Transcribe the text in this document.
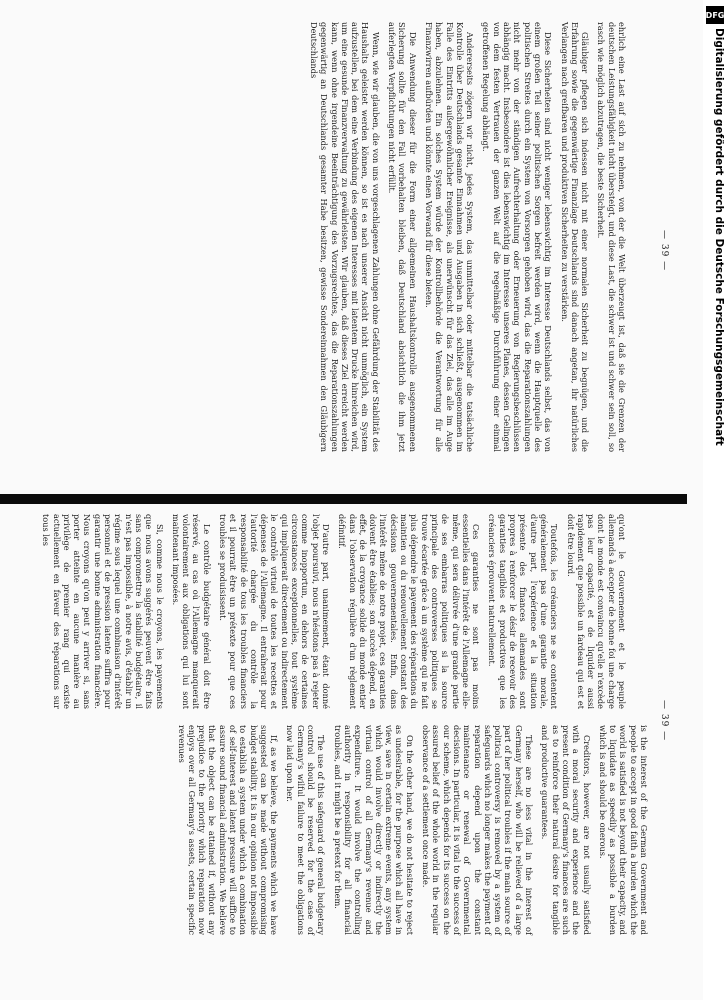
— 39 —

ehrlich eine Last auf sich zu nehmen, von der die Welt überzeugt ist, daß sie die Grenzen der deutschen Leistungsfähigkeit nicht übersteigt, und diese Last, die schwer ist und schwer sein soll, so rasch wie möglich abzutragen, die beste Sicherheit.

Gläubiger pflegen sich indessen nicht mit einer normalen Sicherheit zu begnügen, und die Erfahrung sowie die gegenwärtige Finanzlage Deutschlands sind danach angetan, ihr natürliches Verlangen nach greifbaren und produktiven Sicherheiten zu verstärken.

Diese Sicherheiten sind nicht weniger lebenswichtig im Interesse Deutschlands selbst, das von einem großen Teil seiner politischen Sorgen befreit werden wird, wenn die Hauptquelle des politischen Streites durch ein System von Vorsorgen gehoben wird, das die Reparationszahlungen nicht mehr von der ständigen Aufrechterhaltung oder Erneuerung von Regierungsbeschlüssen abhängig macht. Insbesondere ist dies lebenswichtig im Interesse unseres Planes, dessen Gelingen von dem festen Vertrauen der ganzen Welt auf die regelmäßige Durchführung einer einmal getroffenen Regelung abhängt.

Andererseits zögern wir nicht, jedes System, das unmittelbar oder mittelbar die tatsächliche Kontrolle über Deutschlands gesamte Einnahmen und Ausgaben in sich schließt, ausgenommen im Falle des Eintritts außergewöhnlicher Ereignisse, als unerwünscht für das Ziel, das alle im Auge haben, abzulehnen. Ein solches System würde der Kontrollbehörde die Verantwortung für alle Finanzwirren aufbürden und könnte einen Vorwand für diese bieten.

Die Anwendung dieser für die Form einer allgemeinen Haushaltskontrolle ausgenommenen Sicherung sollte für den Fall vorbehalten bleiben, daß Deutschland absichtlich die ihm jetzt auferlegten Verpflichtungen nicht erfüllt.

Wenn, wie wir glauben, die von uns vorgeschlagenen Zahlungen ohne Gefährdung der Stabilität des Haushalts geleistet werden können, so ist es nach unserer Ansicht nicht unmöglich, ein System aufzustellen, bei dem eine Verbindung des eigenen Interesses mit latentem Drucke hinreichen wird, um eine gesunde Finanzverwaltung zu gewährleisten. Wir glauben, daß dieses Ziel erreicht werden kann, wenn ohne irgendeine Beeinträchtigung des Vorzugsrechtes, das die Reparationszahlungen gegenwärtig an Deutschlands gesamter Habe besitzen, gewisse Sondereinnahmen den Gläubigern Deutschlands

— 39 —

is the interest of the German Government and people to accept in good faith a burden which the world is satisfied is not beyond their capacity, and to liquidate as speedily as possible a burden which is and should be onerous.

Creditors, however, are not usually satisfied with a moral security and experience and the present condition of Germany's finances are such as to reinforce their natural desire for tangible and productive guarantees.

These are no less vital in the interest of Germany herself, who will be relieved of a large part of her political troubles if the main source of political controversy is removed by a system of safeguards which no longer makes the payment of reparation depend upon the constant maintenance or renewal of Governmental decisions. In particular, it is vital to the success of our scheme, which depends for its success on the assured belief of the whole world in the regular observance of a settlement once made.

On the other hand, we do not hesitate to reject as undesirable, for the purpose which all have in view, save in certain extreme events, any system which would involve directly or indirectly the virtual control of all Germany's revenue and expenditure. It would involve the controlling authority in responsibility for all financial troubles, and it might be a pretext for them.

The use of this safeguard of general budgetary control should be reserved for the case of Germany's wilful failure to meet the obligations now laid upon her.

If, as we believe, the payments which we have suggested can be made without compromising budget stability, it is in our opinion not impossible to establish a system under which a combination of self-interest and latent pressure will suffice to assure sound financial administration. We believe that the object can be attained if, without any prejudice to the priority which reparation now enjoys over all Germany's assets, certain specific revenues

qu'ont le Gouvernement et le peuple allemands à accepter de bonne foi une charge dont le monde est convaincu qu'elle n'excède pas leur capacité, et de liquider aussi rapidement que possible un fardeau qui est et doit être lourd.

Toutefois, les créanciers ne se contentent généralement pas d'une garantie morale, d'autre part, l'expérience et la situation présente des finances allemandes sont propres à renforcer le désir de recevoir des garanties tangibles et productives que les créanciers éprouvent naturellement.

Ces garanties ne sont pas moins essentielles dans l'intérêt de l'Allemagne elle-même, qui sera délivrée d'une grande partie de ses embarras politiques si la source principale des controverses politiques se trouve écartée grâce à un système qui ne fait plus dépendre le payement des réparations du maintien ou du renouvellement constant des décisions gouvernementales. Enfin, dans l'intérêt même de notre projet, ces garanties doivent être établies; son succès dépend, en effet, de la croyance solide du monde entier dans l'observation régulière d'un règlement définitif.

D'autre part, unanimement, étant donné l'objet poursuivi, nous n'hésitons pas à rejeter comme inopportun, en dehors de certaines circonstances exceptionnelles, tout système qui impliquerait directement ou indirectement le contrôle virtuel de toutes les recettes et dépenses de l'Allemagne. Il entraînerait pour l'autorité chargée du contrôle la responsabilité de tous les troubles financiers et il pourrait être un prétexte pour que ces troubles se produisissent.

Le contrôle budgétaire général doit être réservé, au cas où l'Allemagne manquerait volontairement aux obligations qui lui sont maintenant imposées.

Si, comme nous le croyons, les payements que nous avons suggérés peuvent être faits sans compromettre la stabilité budgétaire, il n'est pas impossible, à notre avis, d'établir un régime sous lequel une combinaison d'intérêt personnel et de pression latente suffira pour garantir une bonne administration financière. Nous croyons qu'on peut y arriver si, sans porter atteinte en aucune manière au privilège de premier rang qui existe actuellement en faveur des réparations sur tous les

DFG
Digitalisierung gefördert durch die Deutsche Forschungsgemeinschaft
